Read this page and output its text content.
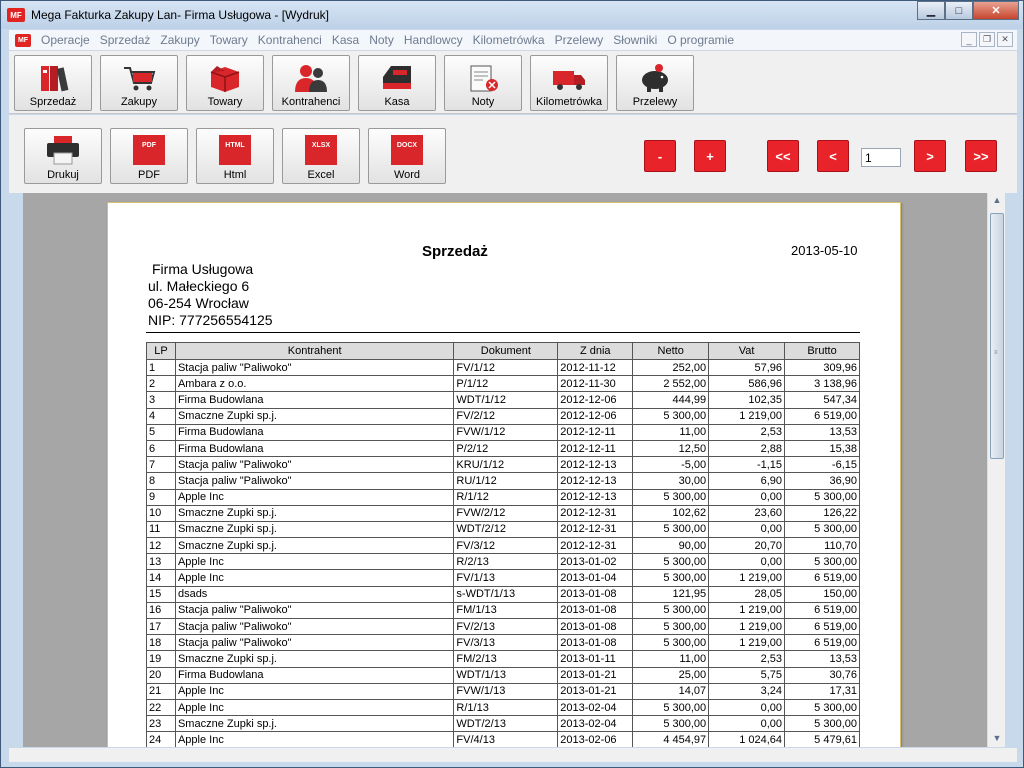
MF Mega Fakturka Zakupy Lan- Firma Usługowa - [Wydruk]	▁	□	✕
MF Operacje Sprzedaż Zakupy Towary Kontrahenci Kasa Noty Handlowcy Kilometrówka Przelewy Słowniki O programie	_	❐	✕
Sprzedaż	Zakupy	Towary	Kontrahenci	Kasa	Noty	Kilometrówka	Przelewy
Drukuj
PDF
PDF
HTML
Html
XLSX
Excel
DOCX
Word
-	+	<<	<
1	>	>>
Sprzedaż	2013-05-10
Firma Usługowa
ul. Małeckiego 6
06-254 Wrocław
NIP: 777256554125
LP	Kontrahent	Dokument	Z dnia	Netto	Vat	Brutto
1	Stacja paliw "Paliwoko"	FV/1/12	2012-11-12	252,00	57,96	309,96
2	Ambara z o.o.	P/1/12	2012-11-30	2 552,00	586,96	3 138,96
3	Firma Budowlana	WDT/1/12	2012-12-06	444,99	102,35	547,34
4	Smaczne Zupki sp.j.	FV/2/12	2012-12-06	5 300,00	1 219,00	6 519,00
5	Firma Budowlana	FVW/1/12	2012-12-11	11,00	2,53	13,53
6	Firma Budowlana	P/2/12	2012-12-11	12,50	2,88	15,38
7	Stacja paliw "Paliwoko"	KRU/1/12	2012-12-13	-5,00	-1,15	-6,15
8	Stacja paliw "Paliwoko"	RU/1/12	2012-12-13	30,00	6,90	36,90
9	Apple Inc	R/1/12	2012-12-13	5 300,00	0,00	5 300,00
10	Smaczne Zupki sp.j.	FVW/2/12	2012-12-31	102,62	23,60	126,22
11	Smaczne Zupki sp.j.	WDT/2/12	2012-12-31	5 300,00	0,00	5 300,00
12	Smaczne Zupki sp.j.	FV/3/12	2012-12-31	90,00	20,70	110,70
13	Apple Inc	R/2/13	2013-01-02	5 300,00	0,00	5 300,00
14	Apple Inc	FV/1/13	2013-01-04	5 300,00	1 219,00	6 519,00
15	dsads	s-WDT/1/13	2013-01-08	121,95	28,05	150,00
16	Stacja paliw "Paliwoko"	FM/1/13	2013-01-08	5 300,00	1 219,00	6 519,00
17	Stacja paliw "Paliwoko"	FV/2/13	2013-01-08	5 300,00	1 219,00	6 519,00
18	Stacja paliw "Paliwoko"	FV/3/13	2013-01-08	5 300,00	1 219,00	6 519,00
19	Smaczne Zupki sp.j.	FM/2/13	2013-01-11	11,00	2,53	13,53
20	Firma Budowlana	WDT/1/13	2013-01-21	25,00	5,75	30,76
21	Apple Inc	FVW/1/13	2013-01-21	14,07	3,24	17,31
22	Apple Inc	R/1/13	2013-02-04	5 300,00	0,00	5 300,00
23	Smaczne Zupki sp.j.	WDT/2/13	2013-02-04	5 300,00	0,00	5 300,00
24	Apple Inc	FV/4/13	2013-02-06	4 454,97	1 024,64	5 479,61
▲
≡
▼
